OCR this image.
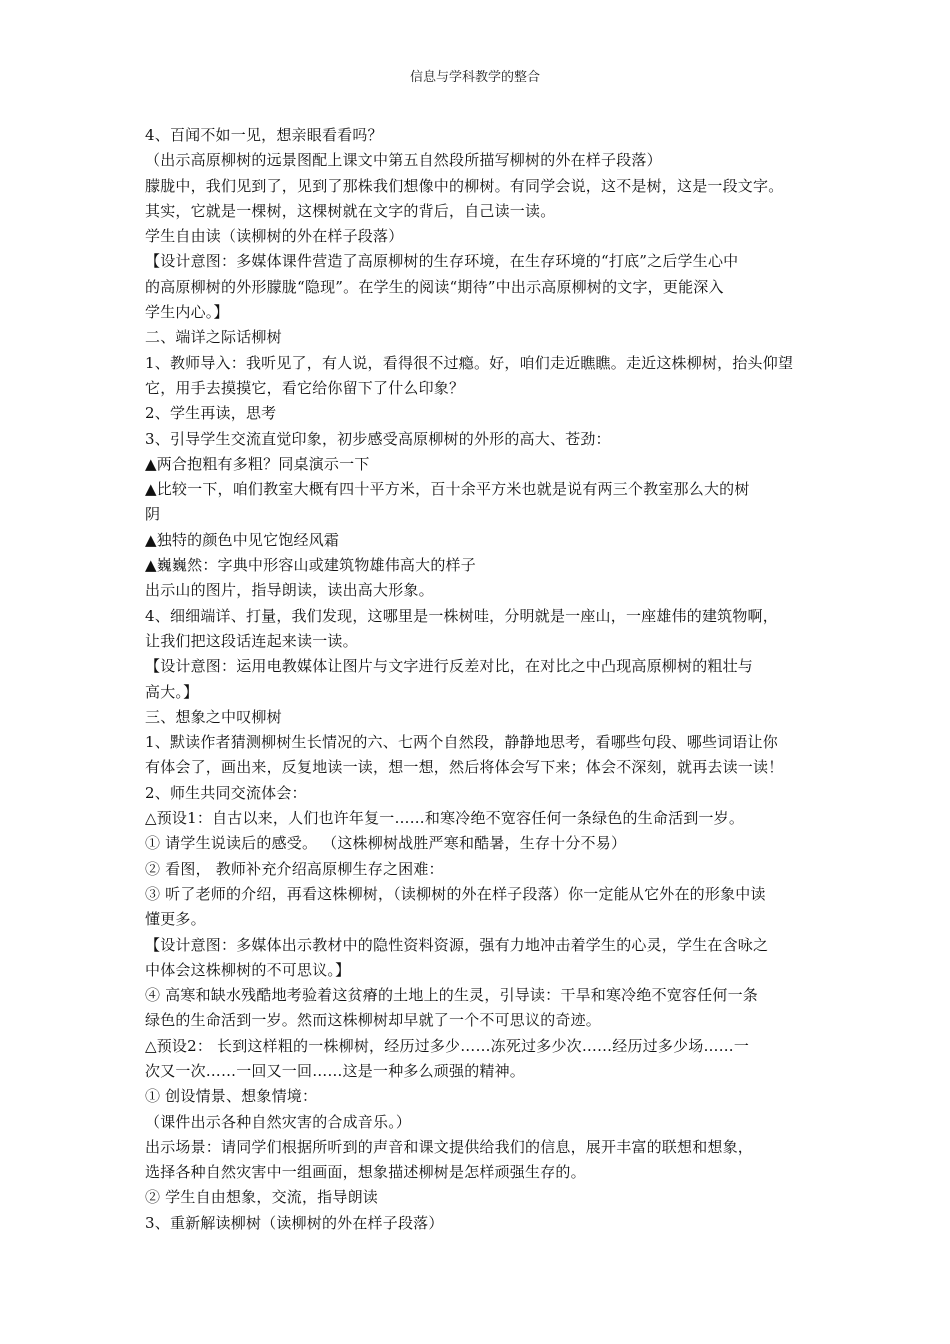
信息与学科教学的整合
4、百闻不如一见，想亲眼看看吗？
（出示高原柳树的远景图配上课文中第五自然段所描写柳树的外在样子段落）
朦胧中，我们见到了，见到了那株我们想像中的柳树。有同学会说，这不是树，这是一段文字。
其实，它就是一棵树，这棵树就在文字的背后，自己读一读。
学生自由读（读柳树的外在样子段落）
【设计意图：多媒体课件营造了高原柳树的生存环境，在生存环境的“打底”之后学生心中
的高原柳树的外形朦胧“隐现”。在学生的阅读“期待”中出示高原柳树的文字，更能深入
学生内心。】
二、端详之际话柳树
1、教师导入：我听见了，有人说，看得很不过瘾。好，咱们走近瞧瞧。走近这株柳树，抬头仰望
它，用手去摸摸它，看它给你留下了什么印象？
2、学生再读，思考
3、引导学生交流直觉印象，初步感受高原柳树的外形的高大、苍劲：
▲两合抱粗有多粗？同桌演示一下
▲比较一下，咱们教室大概有四十平方米，百十余平方米也就是说有两三个教室那么大的树
阴
▲独特的颜色中见它饱经风霜
▲巍巍然：字典中形容山或建筑物雄伟高大的样子
出示山的图片，指导朗读，读出高大形象。
4、细细端详、打量，我们发现，这哪里是一株树哇，分明就是一座山，一座雄伟的建筑物啊，
让我们把这段话连起来读一读。
【设计意图：运用电教媒体让图片与文字进行反差对比，在对比之中凸现高原柳树的粗壮与
高大。】
三、想象之中叹柳树
1、默读作者猜测柳树生长情况的六、七两个自然段，静静地思考，看哪些句段、哪些词语让你
有体会了，画出来，反复地读一读，想一想，然后将体会写下来；体会不深刻，就再去读一读！
2、师生共同交流体会：
△预设1：自古以来，人们也许年复一……和寒冷绝不宽容任何一条绿色的生命活到一岁。
① 请学生说读后的感受。 （这株柳树战胜严寒和酷暑，生存十分不易）
② 看图， 教师补充介绍高原柳生存之困难：
③ 听了老师的介绍，再看这株柳树，（读柳树的外在样子段落）你一定能从它外在的形象中读
懂更多。
【设计意图：多媒体出示教材中的隐性资料资源，强有力地冲击着学生的心灵，学生在含咏之
中体会这株柳树的不可思议。】
④ 高寒和缺水残酷地考验着这贫瘠的土地上的生灵，引导读：干旱和寒冷绝不宽容任何一条
绿色的生命活到一岁。然而这株柳树却早就了一个不可思议的奇迹。
△预设2： 长到这样粗的一株柳树，经历过多少……冻死过多少次……经历过多少场……一
次又一次……一回又一回……这是一种多么顽强的精神。
① 创设情景、想象情境：
（课件出示各种自然灾害的合成音乐。）
出示场景：请同学们根据所听到的声音和课文提供给我们的信息，展开丰富的联想和想象，
选择各种自然灾害中一组画面，想象描述柳树是怎样顽强生存的。
② 学生自由想象，交流，指导朗读
3、重新解读柳树（读柳树的外在样子段落）
